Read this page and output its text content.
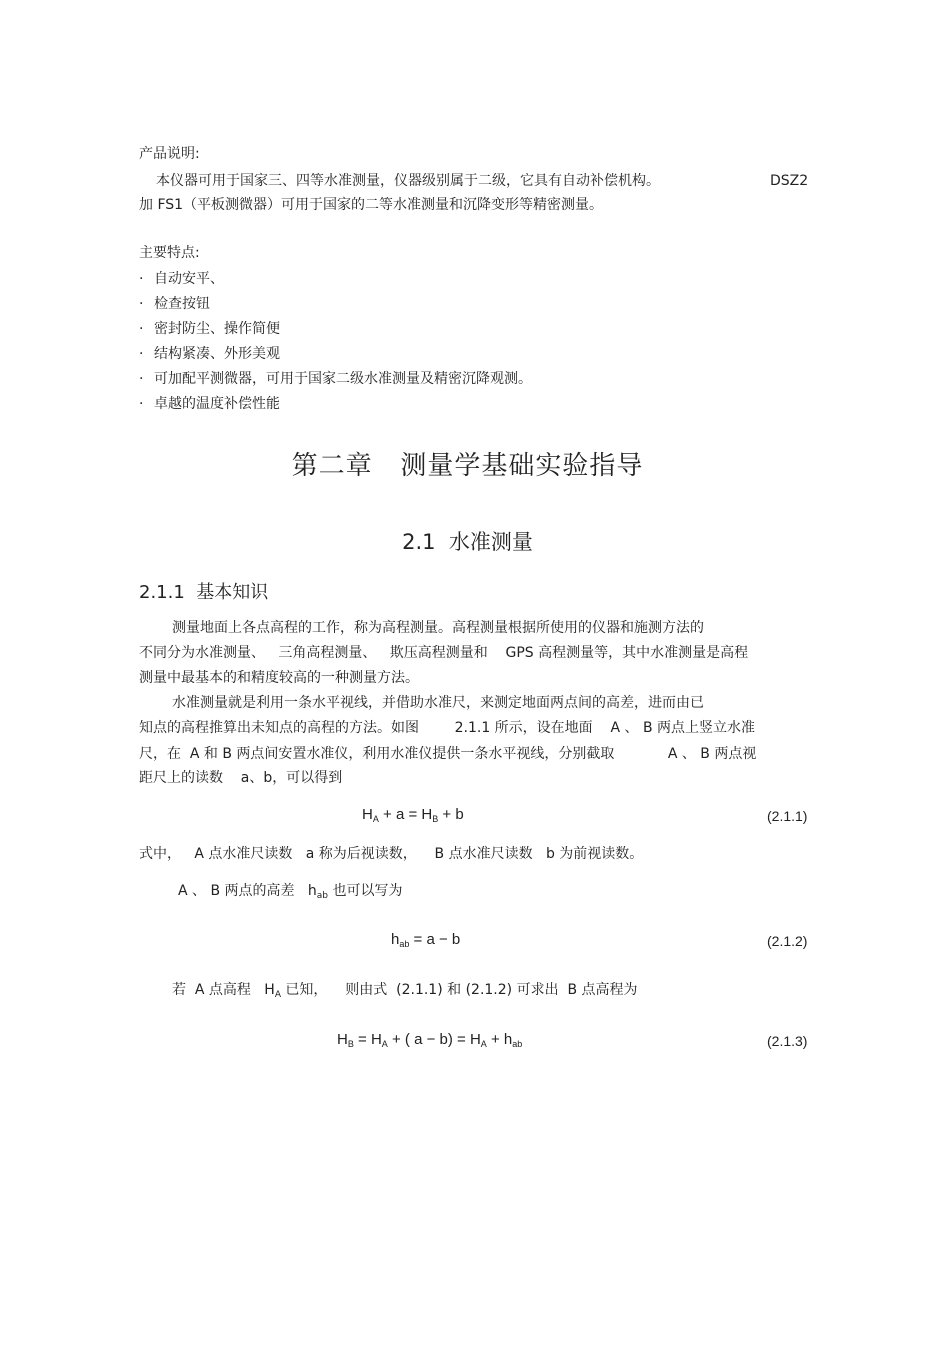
产品说明:
本仪器可用于国家三、四等水准测量，仪器级别属于二级，它具有自动补偿机构。	DSZ2
加 FS1（平板测微器）可用于国家的二等水准测量和沉降变形等精密测量。
主要特点:
· 自动安平、
· 检查按钮
· 密封防尘、操作简便
· 结构紧凑、外形美观
· 可加配平测微器，可用于国家二级水准测量及精密沉降观测。
· 卓越的温度补偿性能
第二章   测量学基础实验指导
2.1  水准测量
2.1.1  基本知识
测量地面上各点高程的工作，称为高程测量。高程测量根据所使用的仪器和施测方法的
不同分为水准测量、   三角高程测量、   欺压高程测量和    GPS 高程测量等，其中水准测量是高程
测量中最基本的和精度较高的一种测量方法。
水准测量就是利用一条水平视线，并借助水准尺，来测定地面两点间的高差，进而由已
知点的高程推算出未知点的高程的方法。如图        2.1.1 所示，设在地面    A 、 B 两点上竖立水准
尺，在  A 和 B 两点间安置水准仪，利用水准仪提供一条水平视线，分别截取            A 、 B 两点视
距尺上的读数    a、b，可以得到
$H_A + a = H_B + b$	(2.1.1)
式中，   A 点水准尺读数   a 称为后视读数，    B 点水准尺读数   b 为前视读数。
A 、 B 两点的高差   $h_{ab}$ 也可以写为
$h_{ab} = a - b$	(2.1.2)
若  A 点高程   $H_A$ 已知，    则由式  (2.1.1) 和 (2.1.2) 可求出  B 点高程为
$H_B = H_A$ + ( $a - b) = H_A + h_{ab}$	(2.1.3)
